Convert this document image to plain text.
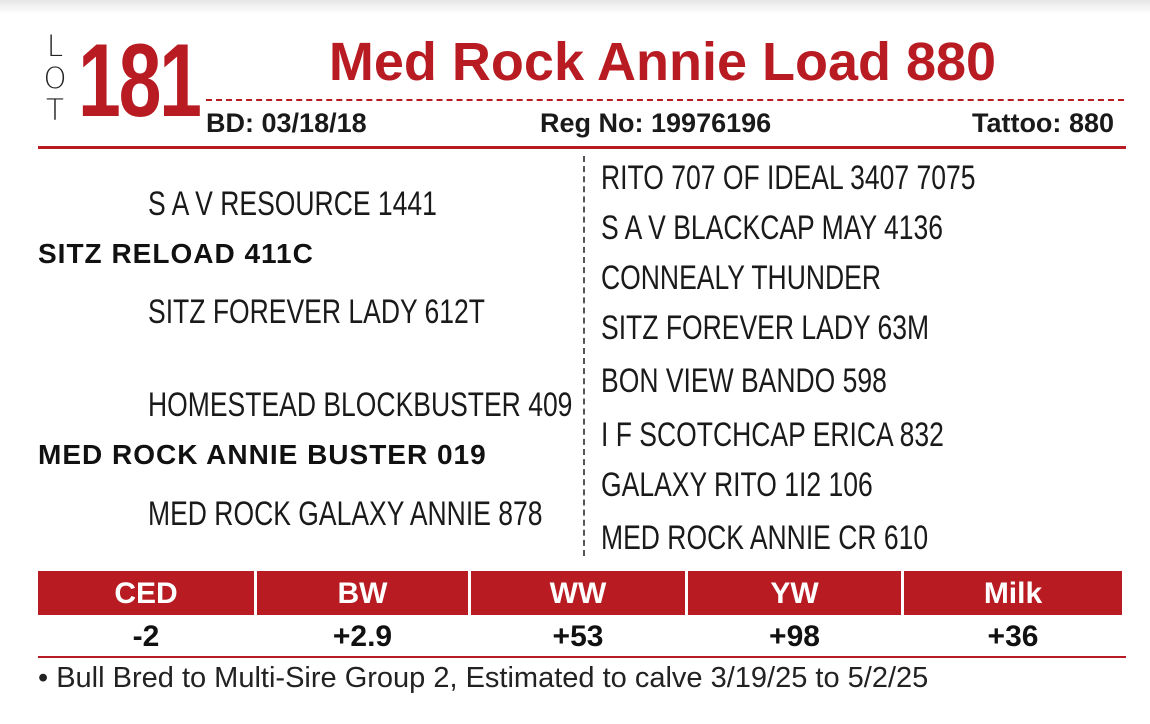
L
O
T 181	Med Rock Annie Load 880
BD: 03/18/18	Reg No: 19976196	Tattoo: 880
S A V RESOURCE 1441
SITZ RELOAD 411C
SITZ FOREVER LADY 612T
HOMESTEAD BLOCKBUSTER 409
MED ROCK ANNIE BUSTER 019
MED ROCK GALAXY ANNIE 878
RITO 707 OF IDEAL 3407 7075
S A V BLACKCAP MAY 4136
CONNEALY THUNDER
SITZ FOREVER LADY 63M
BON VIEW BANDO 598
I F SCOTCHCAP ERICA 832
GALAXY RITO 1I2 106
MED ROCK ANNIE CR 610
CED	BW	WW	YW	Milk
-2	+2.9	+53	+98	+36
• Bull Bred to Multi-Sire Group 2, Estimated to calve 3/19/25 to 5/2/25
